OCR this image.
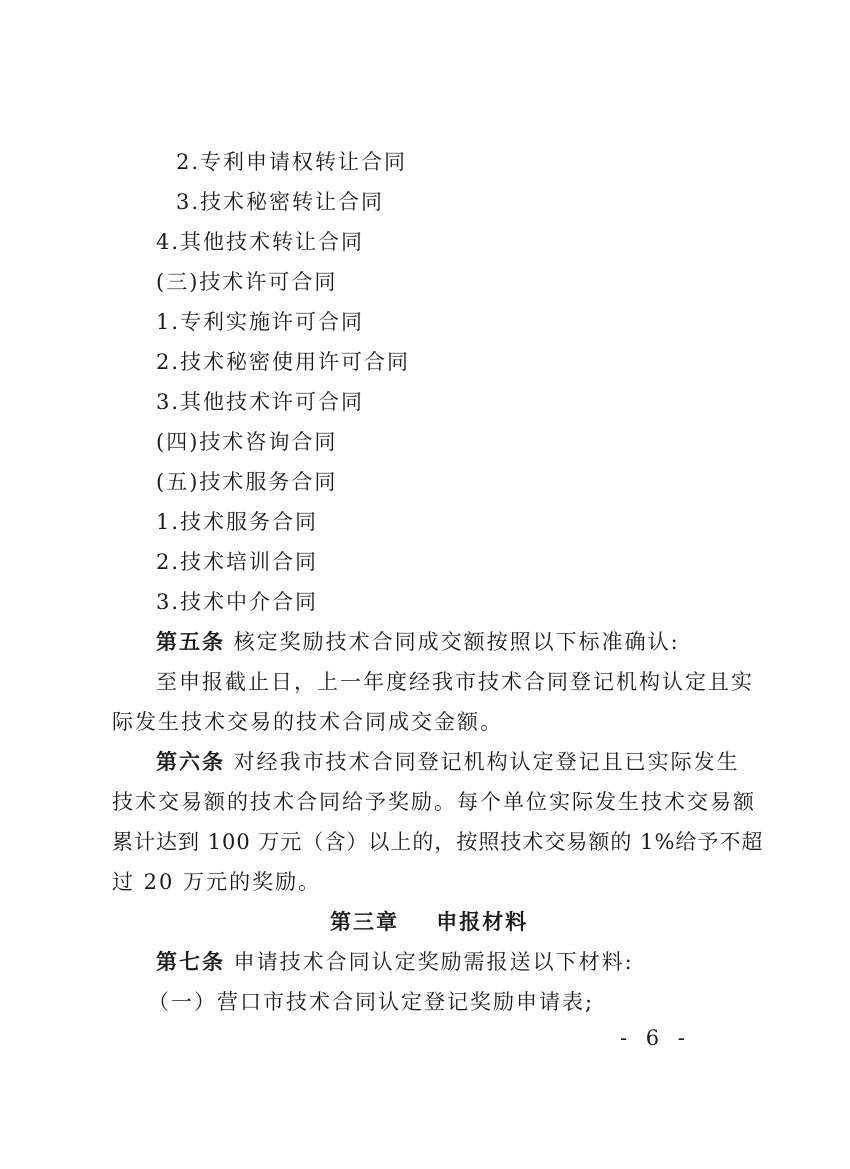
2.专利申请权转让合同
3.技术秘密转让合同
4.其他技术转让合同
(三)技术许可合同
1.专利实施许可合同
2.技术秘密使用许可合同
3.其他技术许可合同
(四)技术咨询合同
(五)技术服务合同
1.技术服务合同
2.技术培训合同
3.技术中介合同
第五条 核定奖励技术合同成交额按照以下标准确认:
至申报截止日，上一年度经我市技术合同登记机构认定且实
际发生技术交易的技术合同成交金额。
第六条 对经我市技术合同登记机构认定登记且已实际发生
技术交易额的技术合同给予奖励。每个单位实际发生技术交易额
累计达到 100 万元（含）以上的，按照技术交易额的 1%给予不超
过 20 万元的奖励。
第三章    申报材料
第七条 申请技术合同认定奖励需报送以下材料:
（一）营口市技术合同认定登记奖励申请表;
- 6 -
